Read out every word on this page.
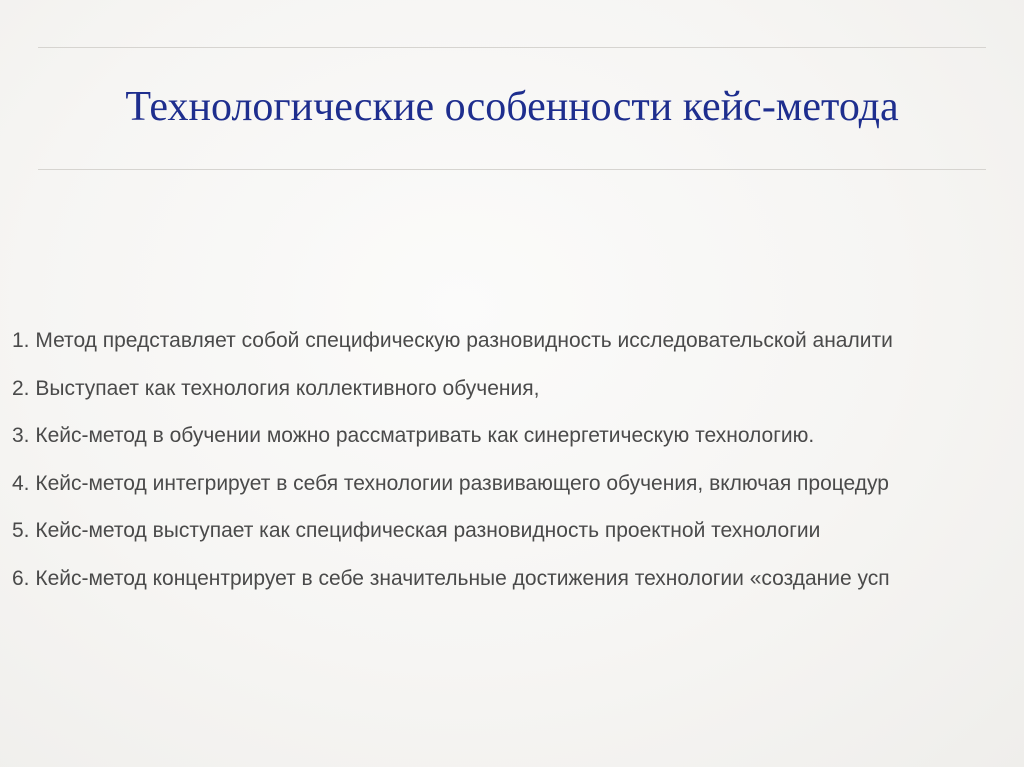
Технологические особенности кейс-метода
1. Метод представляет собой специфическую разновидность исследовательской аналити
2. Выступает как технология коллективного обучения,
3. Кейс-метод в обучении можно рассматривать как синергетическую технологию.
4. Кейс-метод интегрирует в себя технологии развивающего обучения, включая процедур
5. Кейс-метод выступает как специфическая разновидность проектной технологии
6. Кейс-метод концентрирует в себе значительные достижения технологии «создание усп
